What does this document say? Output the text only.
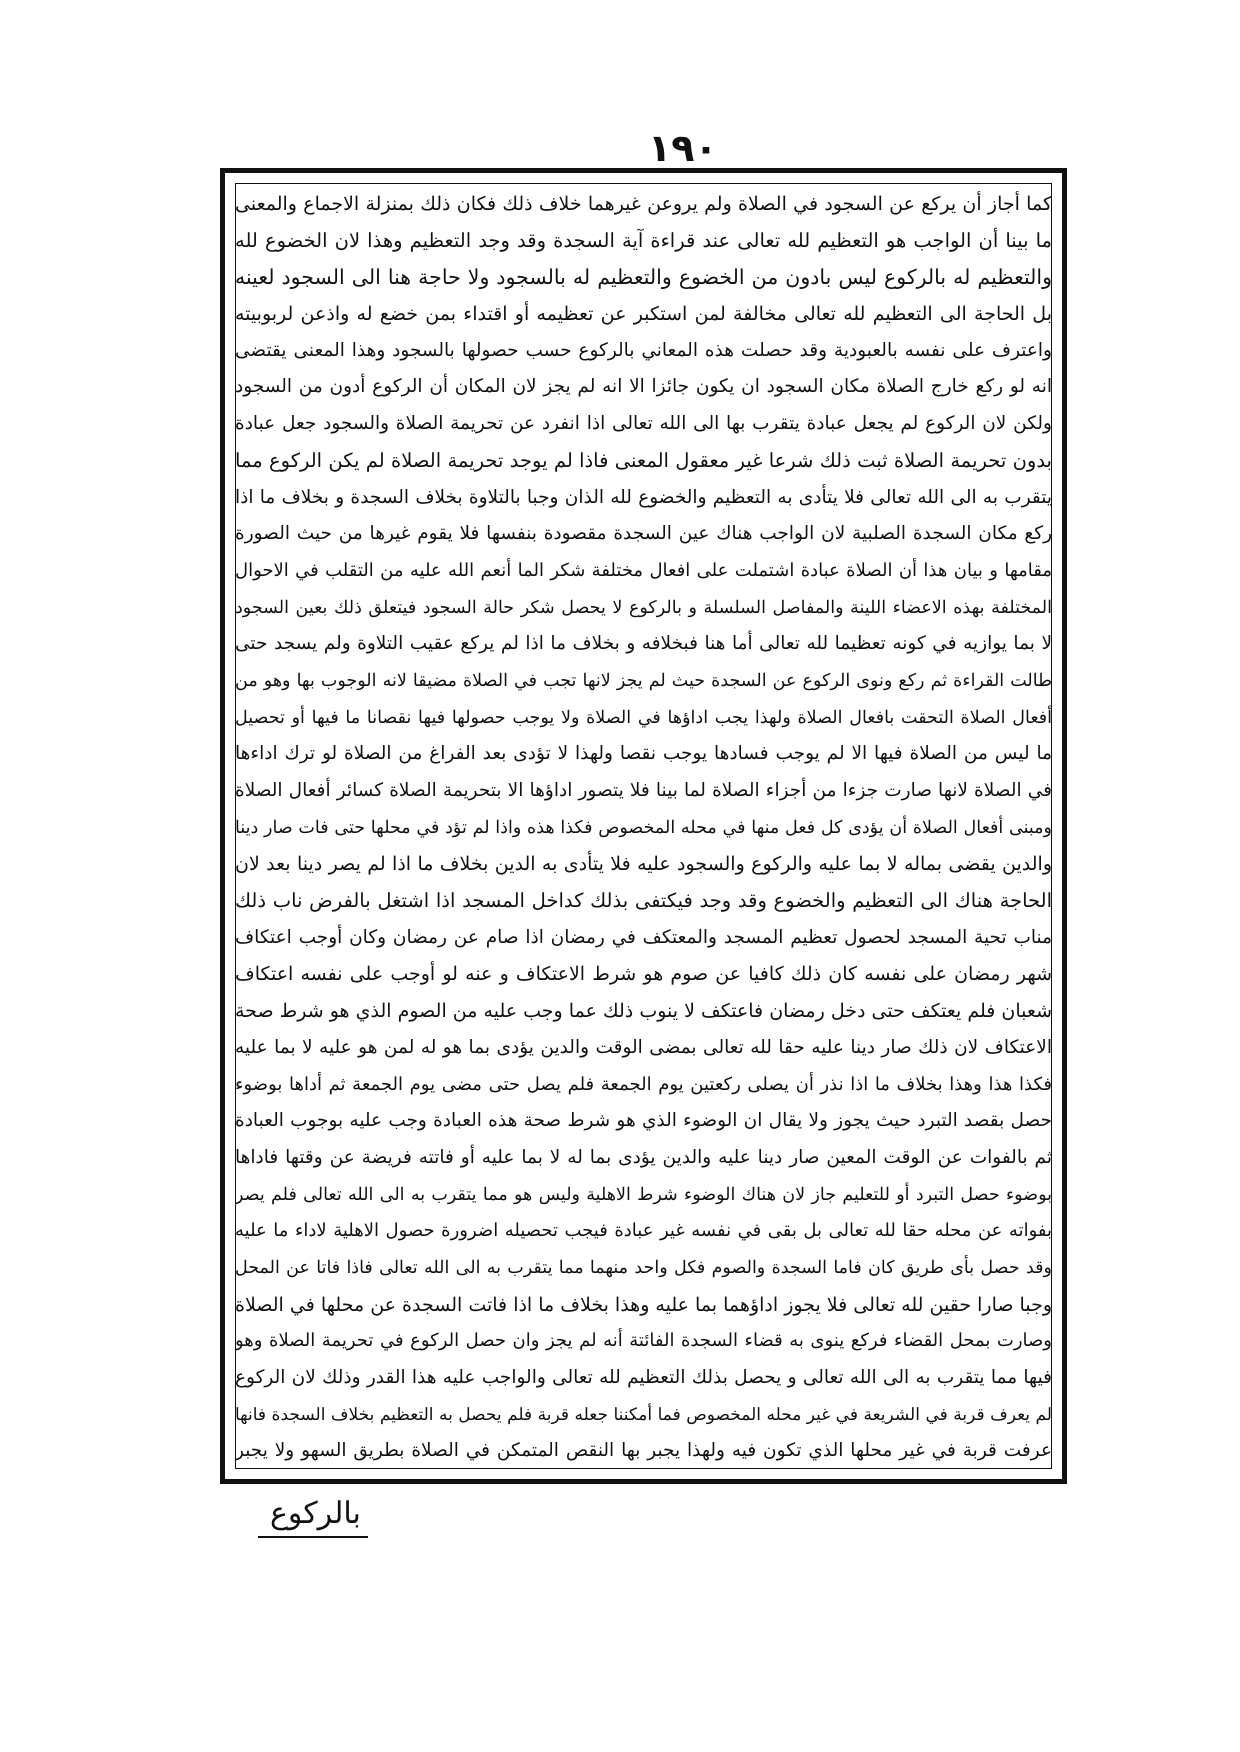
١٩٠
كما أجاز أن يركع عن السجود في الصلاة ولم يروعن غيرهما خلاف ذلك فكان ذلك بمنزلة الاجماع والمعنى
ما بينا أن الواجب هو التعظيم لله تعالى عند قراءة آية السجدة وقد وجد التعظيم وهذا لان الخضوع لله
والتعظيم له بالركوع ليس بادون من الخضوع والتعظيم له بالسجود ولا حاجة هنا الى السجود لعينه
بل الحاجة الى التعظيم لله تعالى مخالفة لمن استكبر عن تعظيمه أو اقتداء بمن خضع له واذعن لربوبيته
واعترف على نفسه بالعبودية وقد حصلت هذه المعاني بالركوع حسب حصولها بالسجود وهذا المعنى يقتضى
انه لو ركع خارج الصلاة مكان السجود ان يكون جائزا الا انه لم يجز لان المكان أن الركوع أدون من السجود
ولكن لان الركوع لم يجعل عبادة يتقرب بها الى الله تعالى اذا انفرد عن تحريمة الصلاة والسجود جعل عبادة
بدون تحريمة الصلاة ثبت ذلك شرعا غير معقول المعنى فاذا لم يوجد تحريمة الصلاة لم يكن الركوع مما
يتقرب به الى الله تعالى فلا يتأدى به التعظيم والخضوع لله الذان وجبا بالتلاوة بخلاف السجدة و بخلاف ما اذا
ركع مكان السجدة الصلبية لان الواجب هناك عين السجدة مقصودة بنفسها فلا يقوم غيرها من حيث الصورة
مقامها و بيان هذا أن الصلاة عبادة اشتملت على افعال مختلفة شكر الما أنعم الله عليه من التقلب في الاحوال
المختلفة بهذه الاعضاء اللينة والمفاصل السلسلة و بالركوع لا يحصل شكر حالة السجود فيتعلق ذلك بعين السجود
لا بما يوازيه في كونه تعظيما لله تعالى أما هنا فبخلافه و بخلاف ما اذا لم يركع عقيب التلاوة ولم يسجد حتى
طالت القراءة ثم ركع ونوى الركوع عن السجدة حيث لم يجز لانها تجب في الصلاة مضيقا لانه الوجوب بها وهو من
أفعال الصلاة التحقت بافعال الصلاة ولهذا يجب اداؤها في الصلاة ولا يوجب حصولها فيها نقصانا ما فيها أو تحصيل
ما ليس من الصلاة فيها الا لم يوجب فسادها يوجب نقصا ولهذا لا تؤدى بعد الفراغ من الصلاة لو ترك اداءها
في الصلاة لانها صارت جزءا من أجزاء الصلاة لما بينا فلا يتصور اداؤها الا بتحريمة الصلاة كسائر أفعال الصلاة
ومبنى أفعال الصلاة أن يؤدى كل فعل منها في محله المخصوص فكذا هذه واذا لم تؤد في محلها حتى فات صار دينا
والدين يقضى بماله لا بما عليه والركوع والسجود عليه فلا يتأدى به الدين بخلاف ما اذا لم يصر دينا بعد لان
الحاجة هناك الى التعظيم والخضوع وقد وجد فيكتفى بذلك كداخل المسجد اذا اشتغل بالفرض ناب ذلك
مناب تحية المسجد لحصول تعظيم المسجد والمعتكف في رمضان اذا صام عن رمضان وكان أوجب اعتكاف
شهر رمضان على نفسه كان ذلك كافيا عن صوم هو شرط الاعتكاف و عنه لو أوجب على نفسه اعتكاف
شعبان فلم يعتكف حتى دخل رمضان فاعتكف لا ينوب ذلك عما وجب عليه من الصوم الذي هو شرط صحة
الاعتكاف لان ذلك صار دينا عليه حقا لله تعالى بمضى الوقت والدين يؤدى بما هو له لمن هو عليه لا بما عليه
فكذا هذا وهذا بخلاف ما اذا نذر أن يصلى ركعتين يوم الجمعة فلم يصل حتى مضى يوم الجمعة ثم أداها بوضوء
حصل بقصد التبرد حيث يجوز ولا يقال ان الوضوء الذي هو شرط صحة هذه العبادة وجب عليه بوجوب العبادة
ثم بالفوات عن الوقت المعين صار دينا عليه والدين يؤدى بما له لا بما عليه أو فاتته فريضة عن وقتها فاداها
بوضوء حصل التبرد أو للتعليم جاز لان هناك الوضوء شرط الاهلية وليس هو مما يتقرب به الى الله تعالى فلم يصر
بفواته عن محله حقا لله تعالى بل بقى في نفسه غير عبادة فيجب تحصيله اضرورة حصول الاهلية لاداء ما عليه
وقد حصل بأى طريق كان فاما السجدة والصوم فكل واحد منهما مما يتقرب به الى الله تعالى فاذا فاتا عن المحل
وجبا صارا حقين لله تعالى فلا يجوز اداؤهما بما عليه وهذا بخلاف ما اذا فاتت السجدة عن محلها في الصلاة
وصارت بمحل القضاء فركع ينوى به قضاء السجدة الفائتة أنه لم يجز وان حصل الركوع في تحريمة الصلاة وهو
فيها مما يتقرب به الى الله تعالى و يحصل بذلك التعظيم لله تعالى والواجب عليه هذا القدر وذلك لان الركوع
لم يعرف قربة في الشريعة في غير محله المخصوص فما أمكننا جعله قربة فلم يحصل به التعظيم بخلاف السجدة فانها
عرفت قربة في غير محلها الذي تكون فيه ولهذا يجبر بها النقص المتمكن في الصلاة بطريق السهو ولا يجبر
بالركوع
